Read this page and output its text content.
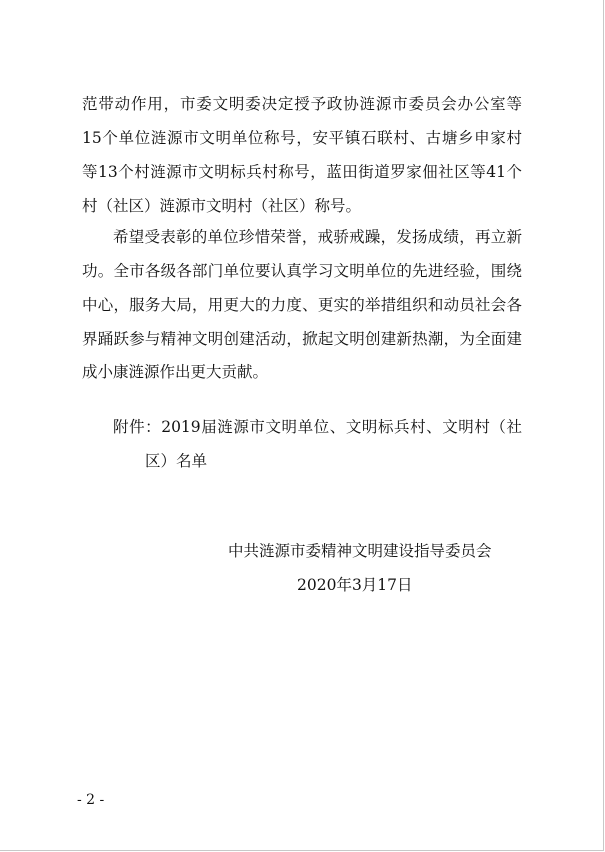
范带动作用，市委文明委决定授予政协涟源市委员会办公室等
15个单位涟源市文明单位称号，安平镇石联村、古塘乡申家村
等13个村涟源市文明标兵村称号，蓝田街道罗家佃社区等41个
村（社区）涟源市文明村（社区）称号。
希望受表彰的单位珍惜荣誉，戒骄戒躁，发扬成绩，再立新
功。全市各级各部门单位要认真学习文明单位的先进经验，围绕
中心，服务大局，用更大的力度、更实的举措组织和动员社会各
界踊跃参与精神文明创建活动，掀起文明创建新热潮，为全面建
成小康涟源作出更大贡献。
附件：2019届涟源市文明单位、文明标兵村、文明村（社
区）名单
中共涟源市委精神文明建设指导委员会
2020年3月17日
- 2 -
